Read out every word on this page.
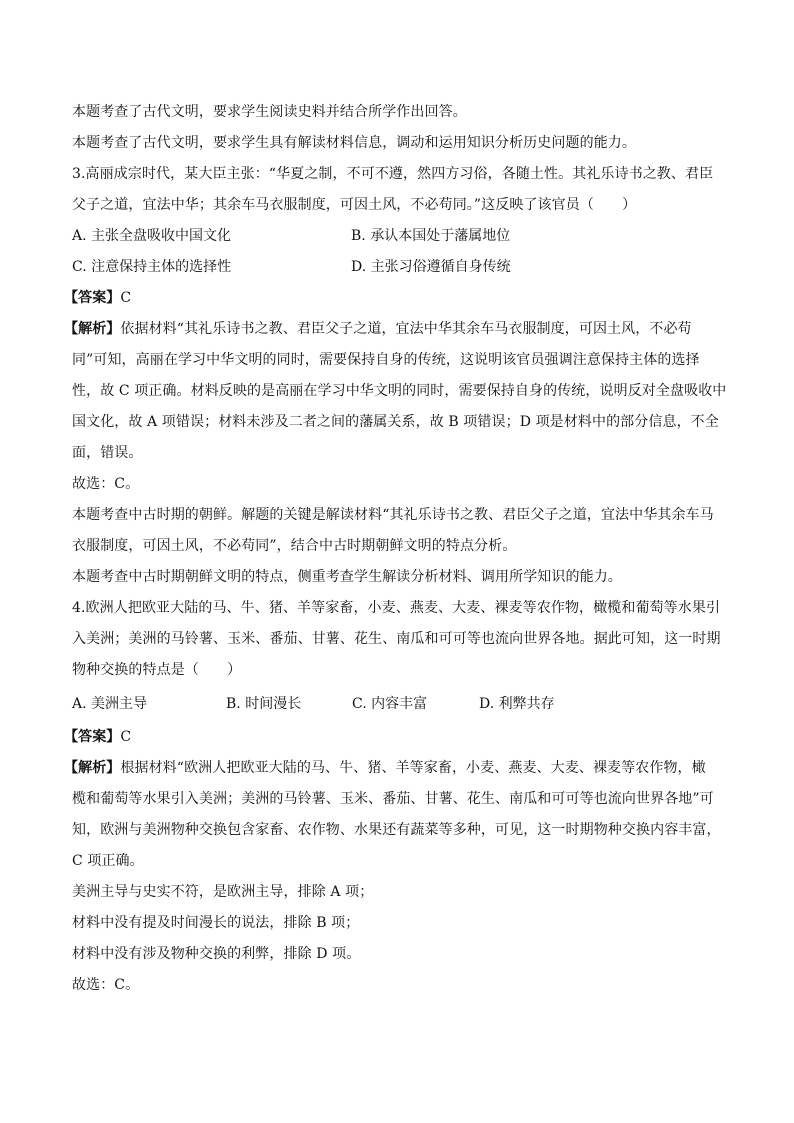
本题考查了古代文明，要求学生阅读史料并结合所学作出回答。
本题考查了古代文明，要求学生具有解读材料信息，调动和运用知识分析历史问题的能力。
3.高丽成宗时代，某大臣主张：“华夏之制，不可不遵，然四方习俗，各随土性。其礼乐诗书之教、君臣
父子之道，宜法中华；其余车马衣服制度，可因土风，不必苟同。”这反映了该官员（　　）
A. 主张全盘吸收中国文化	B. 承认本国处于藩属地位
C. 注意保持主体的选择性	D. 主张习俗遵循自身传统
【答案】C
【解析】依据材料“其礼乐诗书之教、君臣父子之道，宜法中华其余车马衣服制度，可因土风，不必苟
同”可知，高丽在学习中华文明的同时，需要保持自身的传统，这说明该官员强调注意保持主体的选择
性，故 C 项正确。材料反映的是高丽在学习中华文明的同时，需要保持自身的传统，说明反对全盘吸收中
国文化，故 A 项错误；材料未涉及二者之间的藩属关系，故 B 项错误；D 项是材料中的部分信息，不全
面，错误。
故选：C。
本题考查中古时期的朝鲜。解题的关键是解读材料“其礼乐诗书之教、君臣父子之道，宜法中华其余车马
衣服制度，可因土风，不必苟同”，结合中古时期朝鲜文明的特点分析。
本题考查中古时期朝鲜文明的特点，侧重考查学生解读分析材料、调用所学知识的能力。
4.欧洲人把欧亚大陆的马、牛、猪、羊等家畜，小麦、燕麦、大麦、裸麦等农作物，橄榄和葡萄等水果引
入美洲；美洲的马铃薯、玉米、番茄、甘薯、花生、南瓜和可可等也流向世界各地。据此可知，这一时期
物种交换的特点是（　　）
A. 美洲主导	B. 时间漫长	C. 内容丰富	D. 利弊共存
【答案】C
【解析】根据材料“欧洲人把欧亚大陆的马、牛、猪、羊等家畜，小麦、燕麦、大麦、裸麦等农作物，橄
榄和葡萄等水果引入美洲；美洲的马铃薯、玉米、番茄、甘薯、花生、南瓜和可可等也流向世界各地”可
知，欧洲与美洲物种交换包含家畜、农作物、水果还有蔬菜等多种，可见，这一时期物种交换内容丰富，
C 项正确。
美洲主导与史实不符，是欧洲主导，排除 A 项；
材料中没有提及时间漫长的说法，排除 B 项；
材料中没有涉及物种交换的利弊，排除 D 项。
故选：C。
